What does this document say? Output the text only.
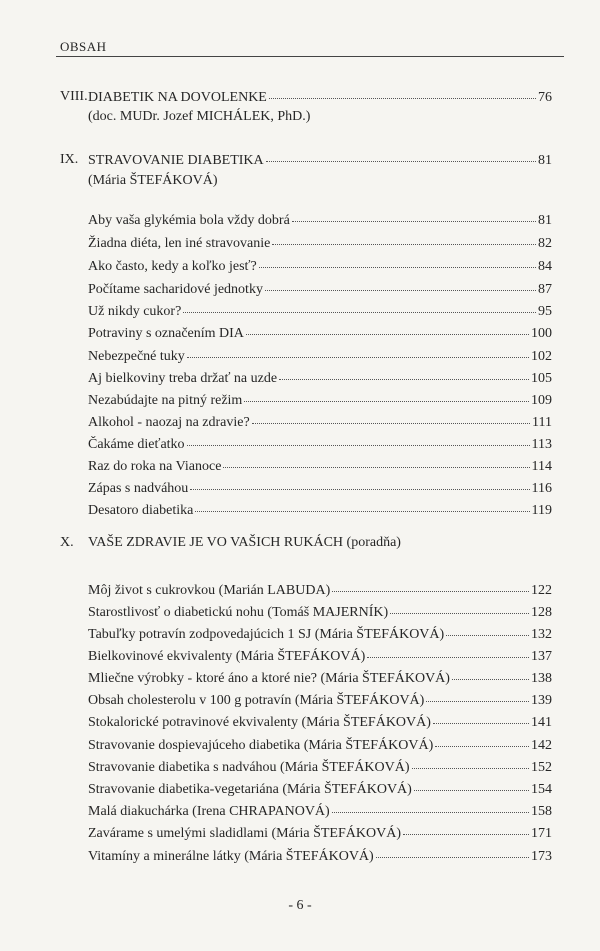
OBSAH
VIII. DIABETIK NA DOVOLENKE	76
(doc. MUDr. Jozef MICHÁLEK, PhD.)
IX. STRAVOVANIE DIABETIKA	81
(Mária ŠTEFÁKOVÁ)
Aby vaša glykémia bola vždy dobrá	81
Žiadna diéta, len iné stravovanie	82
Ako často, kedy a koľko jesť?	84
Počítame sacharidové jednotky	87
Už nikdy cukor?	95
Potraviny s označením DIA	100
Nebezpečné tuky	102
Aj bielkoviny treba držať na uzde	105
Nezabúdajte na pitný režim	109
Alkohol - naozaj na zdravie?	111
Čakáme dieťatko	113
Raz do roka na Vianoce	114
Zápas s nadváhou	116
Desatoro diabetika	119
X. VAŠE ZDRAVIE JE VO VAŠICH RUKÁCH (poradňa)
Môj život s cukrovkou (Marián LABUDA)	122
Starostlivosť o diabetickú nohu (Tomáš MAJERNÍK)	128
Tabuľky potravín zodpovedajúcich 1 SJ (Mária ŠTEFÁKOVÁ)	132
Bielkovinové ekvivalenty (Mária ŠTEFÁKOVÁ)	137
Mliečne výrobky - ktoré áno a ktoré nie? (Mária ŠTEFÁKOVÁ)	138
Obsah cholesterolu v 100 g potravín (Mária ŠTEFÁKOVÁ)	139
Stokalorické potravinové ekvivalenty (Mária ŠTEFÁKOVÁ)	141
Stravovanie dospievajúceho diabetika (Mária ŠTEFÁKOVÁ)	142
Stravovanie diabetika s nadváhou (Mária ŠTEFÁKOVÁ)	152
Stravovanie diabetika-vegetariána (Mária ŠTEFÁKOVÁ)	154
Malá diakuchárka (Irena CHRAPANOVÁ)	158
Zavárame s umelými sladidlami (Mária ŠTEFÁKOVÁ)	171
Vitamíny a minerálne látky (Mária ŠTEFÁKOVÁ)	173
- 6 -
